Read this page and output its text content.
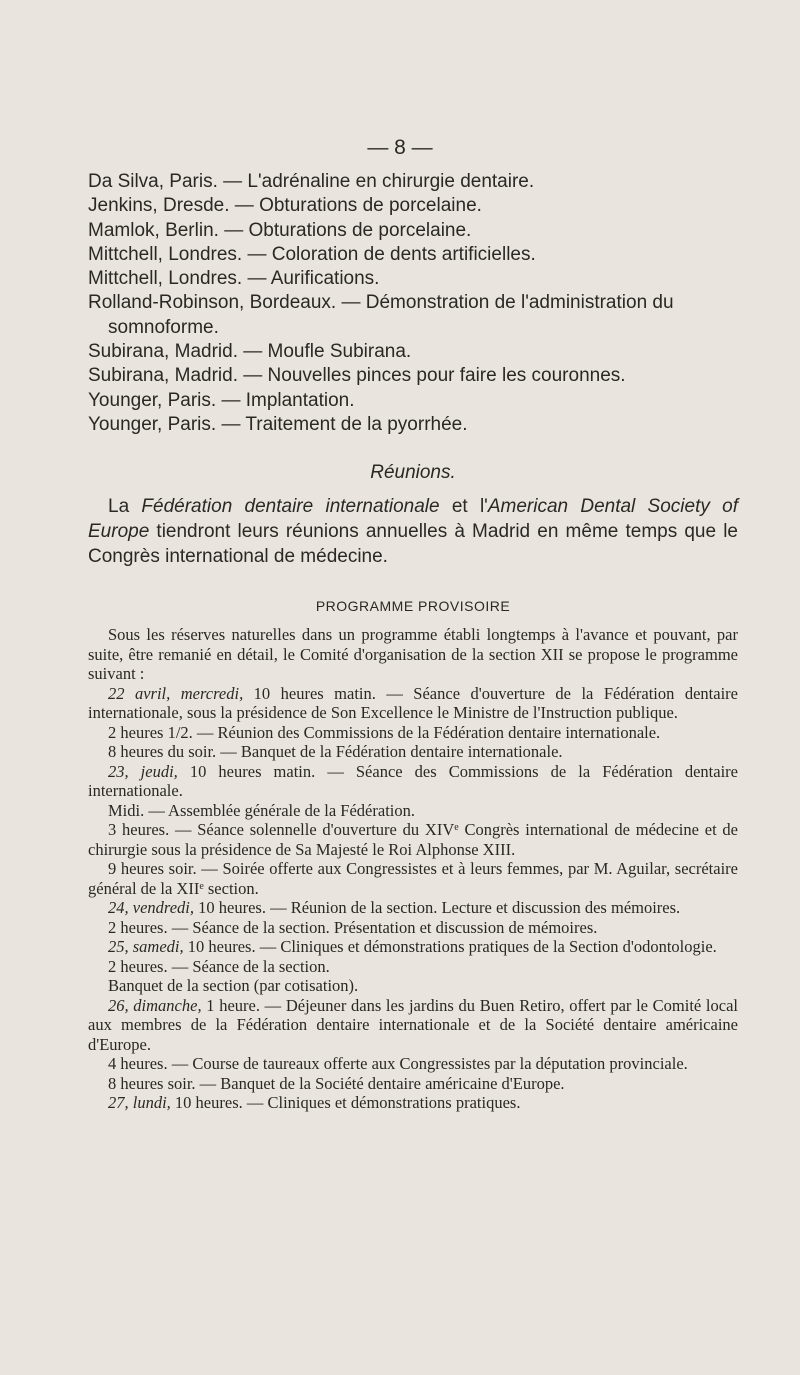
— 8 —

Da Silva, Paris. — L'adrénaline en chirurgie dentaire.

Jenkins, Dresde. — Obturations de porcelaine.

Mamlok, Berlin. — Obturations de porcelaine.

Mittchell, Londres. — Coloration de dents artificielles.

Mittchell, Londres. — Aurifications.

Rolland-Robinson, Bordeaux. — Démonstration de l'administration du somnoforme.

Subirana, Madrid. — Moufle Subirana.

Subirana, Madrid. — Nouvelles pinces pour faire les couronnes.

Younger, Paris. — Implantation.

Younger, Paris. — Traitement de la pyorrhée.

Réunions.

La Fédération dentaire internationale et l'American Dental Society of Europe tiendront leurs réunions annuelles à Madrid en même temps que le Congrès international de médecine.

PROGRAMME PROVISOIRE

Sous les réserves naturelles dans un programme établi longtemps à l'avance et pouvant, par suite, être remanié en détail, le Comité d'organisation de la section XII se propose le programme suivant :

22 avril, mercredi, 10 heures matin. — Séance d'ouverture de la Fédération dentaire internationale, sous la présidence de Son Excellence le Ministre de l'Instruction publique.

2 heures 1/2. — Réunion des Commissions de la Fédération dentaire internationale.

8 heures du soir. — Banquet de la Fédération dentaire internationale.

23, jeudi, 10 heures matin. — Séance des Commissions de la Fédération dentaire internationale.

Midi. — Assemblée générale de la Fédération.

3 heures. — Séance solennelle d'ouverture du XIVe Congrès international de médecine et de chirurgie sous la présidence de Sa Majesté le Roi Alphonse XIII.

9 heures soir. — Soirée offerte aux Congressistes et à leurs femmes, par M. Aguilar, secrétaire général de la XIIe section.

24, vendredi, 10 heures. — Réunion de la section. Lecture et discussion des mémoires.

2 heures. — Séance de la section. Présentation et discussion de mémoires.

25, samedi, 10 heures. — Cliniques et démonstrations pratiques de la Section d'odontologie.

2 heures. — Séance de la section.

Banquet de la section (par cotisation).

26, dimanche, 1 heure. — Déjeuner dans les jardins du Buen Retiro, offert par le Comité local aux membres de la Fédération dentaire internationale et de la Société dentaire américaine d'Europe.

4 heures. — Course de taureaux offerte aux Congressistes par la députation provinciale.

8 heures soir. — Banquet de la Société dentaire américaine d'Europe.

27, lundi, 10 heures. — Cliniques et démonstrations pratiques.
